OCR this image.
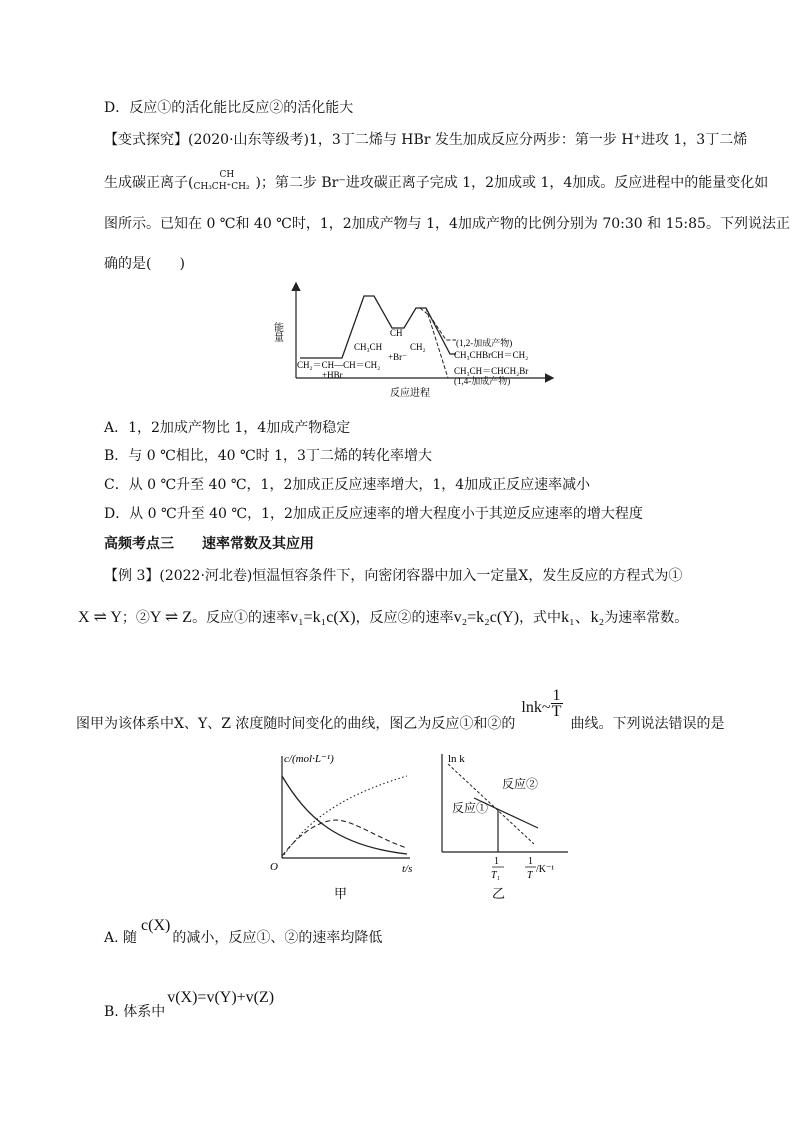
D．反应①的活化能比反应②的活化能大
【变式探究】(2020·山东等级考)1，3丁二烯与 HBr 发生加成反应分两步：第一步 H⁺进攻 1，3丁二烯
生成碳正离子(	CH
CH₃CH⁺CH₂ )；第二步 Br⁻进攻碳正离子完成 1，2加成或 1，4加成。反应进程中的能量变化如
图所示。已知在 0 ℃和 40 ℃时，1，2加成产物与 1，4加成产物的比例分别为 70:30 和 15:85。下列说法正
确的是(　　)
能量
反应进程
CH₂＝CH—CH＝CH₂
+HBr
CH
CH₃CH	CH₂
+Br⁻
(1,2-加成产物)
CH₃CHBrCH＝CH₂
CH₃CH＝CHCH₂Br
(1,4-加成产物)
A．1，2加成产物比 1，4加成产物稳定
B．与 0 ℃相比，40 ℃时 1，3丁二烯的转化率增大
C．从 0 ℃升至 40 ℃，1，2加成正反应速率增大，1，4加成正反应速率减小
D．从 0 ℃升至 40 ℃，1，2加成正反应速率的增大程度小于其逆反应速率的增大程度
高频考点三　　速率常数及其应用
【例 3】(2022·河北卷)恒温恒容条件下，向密闭容器中加入一定量X，发生反应的方程式为①
X ⇌ Y；②Y ⇌ Z。反应①的速率v₁=k₁c(X)，反应②的速率v₂=k₂c(Y)，式中k₁、k₂为速率常数。
图甲为该体系中X、Y、Z 浓度随时间变化的曲线，图乙为反应①和②的lnk~ $\frac{1}{T}$
曲线。下列说法错误的是
c/(mol·L⁻¹)
t/s
O
甲
ln k
反应②
反应①
1
T₁
1
T
/K⁻¹
乙
A. 随c(X)的减小，反应①、②的速率均降低
B. 体系中v(X)=v(Y)+v(Z)
